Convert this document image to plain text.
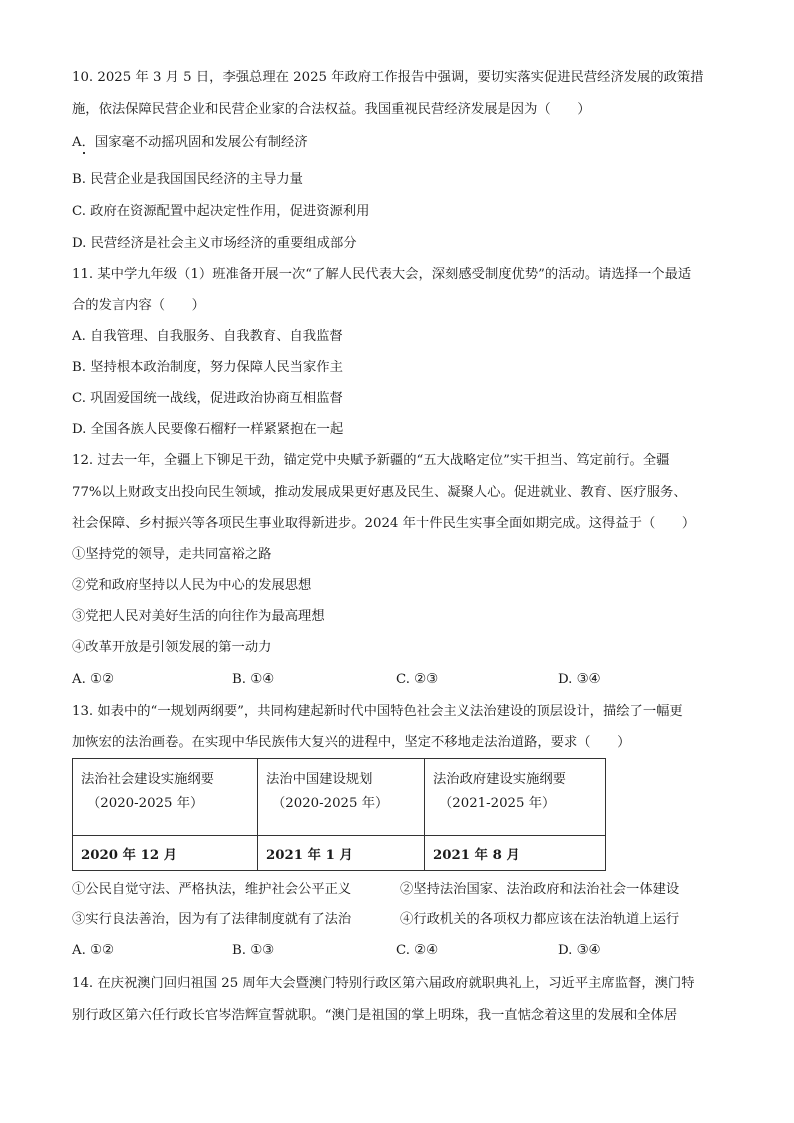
10. 2025 年 3 月 5 日，李强总理在 2025 年政府工作报告中强调，要切实落实促进民营经济发展的政策措
施，依法保障民营企业和民营企业家的合法权益。我国重视民营经济发展是因为（　　）
A．国家毫不动摇巩固和发展公有制经济
B. 民营企业是我国国民经济的主导力量
C. 政府在资源配置中起决定性作用，促进资源利用
D. 民营经济是社会主义市场经济的重要组成部分
11. 某中学九年级（1）班准备开展一次“了解人民代表大会，深刻感受制度优势”的活动。请选择一个最适
合的发言内容（　　）
A. 自我管理、自我服务、自我教育、自我监督
B. 坚持根本政治制度，努力保障人民当家作主
C. 巩固爱国统一战线，促进政治协商互相监督
D. 全国各族人民要像石榴籽一样紧紧抱在一起
12. 过去一年，全疆上下铆足干劲，锚定党中央赋予新疆的“五大战略定位”实干担当、笃定前行。全疆
77%以上财政支出投向民生领域，推动发展成果更好惠及民生、凝聚人心。促进就业、教育、医疗服务、
社会保障、乡村振兴等各项民生事业取得新进步。2024 年十件民生实事全面如期完成。这得益于（　　）
①坚持党的领导，走共同富裕之路
②党和政府坚持以人民为中心的发展思想
③党把人民对美好生活的向往作为最高理想
④改革开放是引领发展的第一动力
A. ①②	B. ①④	C. ②③	D. ③④
13. 如表中的“一规划两纲要”，共同构建起新时代中国特色社会主义法治建设的顶层设计，描绘了一幅更
加恢宏的法治画卷。在实现中华民族伟大复兴的进程中，坚定不移地走法治道路，要求（　　）
法治社会建设实施纲要
（2020-2025 年）	法治中国建设规划
（2020-2025 年）	法治政府建设实施纲要
（2021-2025 年）

2020 年 12 月	2021 年 1 月	2021 年 8 月
①公民自觉守法、严格执法，维护社会公平正义	②坚持法治国家、法治政府和法治社会一体建设
③实行良法善治，因为有了法律制度就有了法治	④行政机关的各项权力都应该在法治轨道上运行
A. ①②	B. ①③	C. ②④	D. ③④
14. 在庆祝澳门回归祖国 25 周年大会暨澳门特别行政区第六届政府就职典礼上，习近平主席监督，澳门特
别行政区第六任行政长官岑浩辉宣誓就职。“澳门是祖国的掌上明珠，我一直惦念着这里的发展和全体居
